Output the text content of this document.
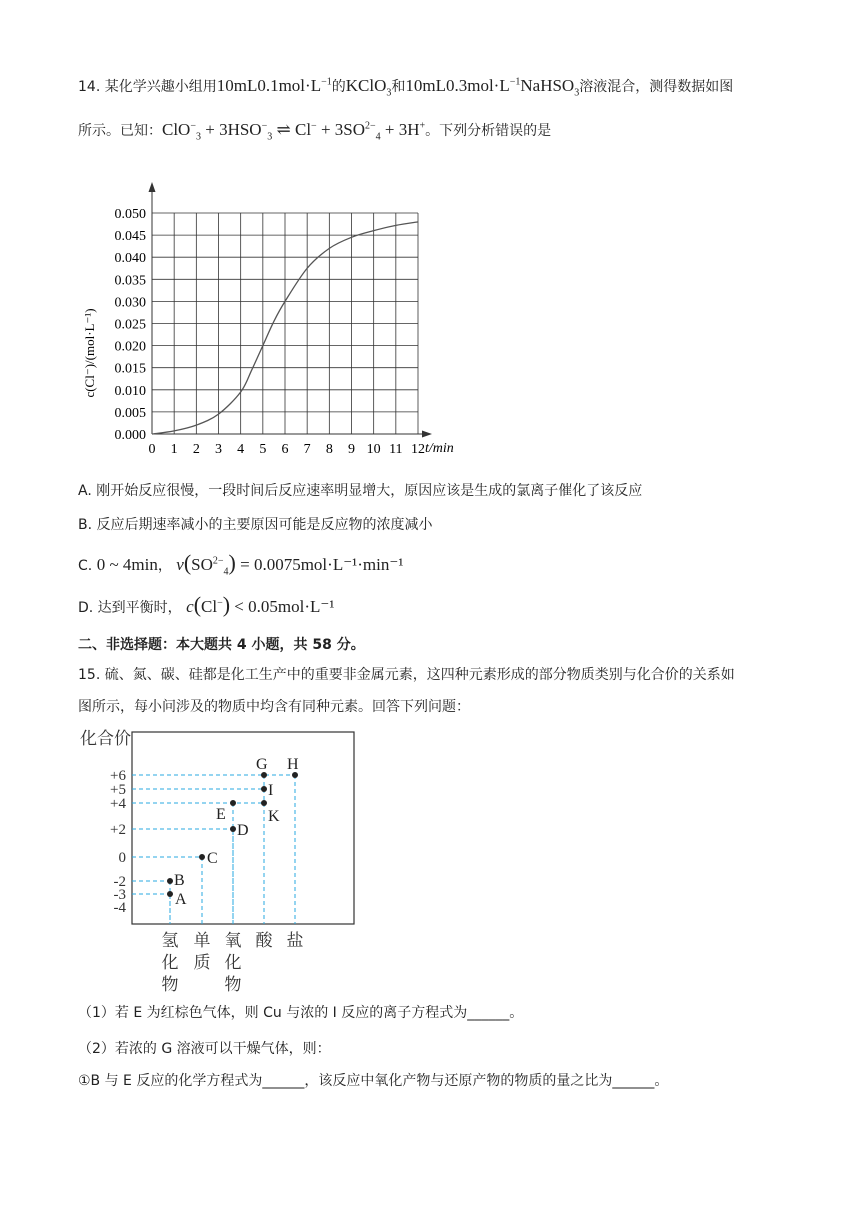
14. 某化学兴趣小组用$10mL0.1mol\cdot L^{-1}$的KClO$_3$和$10mL0.3mol\cdot L^{-1}NaHSO_3$溶液混合，测得数据如图
所示。已知：$ClO^-_3 + 3HSO^-_3$ ⇌ $Cl^- + 3SO^{2-}_4 + 3H^+$。下列分析错误的是
0 1 2 3 4 5 6 7 8 9 10 11 12
0.000
0.005
0.010
0.015
0.020
0.025
0.030
0.035
0.040
0.045
0.050
c(Cl⁻)/(mol·L⁻¹)
t/min
A. 刚开始反应很慢，一段时间后反应速率明显增大，原因应该是生成的氯离子催化了该反应
B. 反应后期速率减小的主要原因可能是反应物的浓度减小
C. 0 ~ 4min， $v(SO^{2-}_4) = 0.0075mol\cdot L^{-1}\cdot\min^{-1}$
D. 达到平衡时， c(Cl−) < 0.05mol·L⁻¹
二、非选择题：本大题共 4 小题，共 58 分。
15. 硫、氮、碳、硅都是化工生产中的重要非金属元素，这四种元素形成的部分物质类别与化合价的关系如
图所示，每小问涉及的物质中均含有同种元素。回答下列问题：
化合价
+6
+5
+4
+2
0
-2
-3
-4	A
B
C
D
E	K
I
G H
氢
化
物
单
质
氧
化
物
酸 盐
（1）若 E 为红棕色气体，则 Cu 与浓的 I 反应的离子方程式为______。
（2）若浓的 G 溶液可以干燥气体，则：
①B 与 E 反应的化学方程式为______，该反应中氧化产物与还原产物的物质的量之比为______。
